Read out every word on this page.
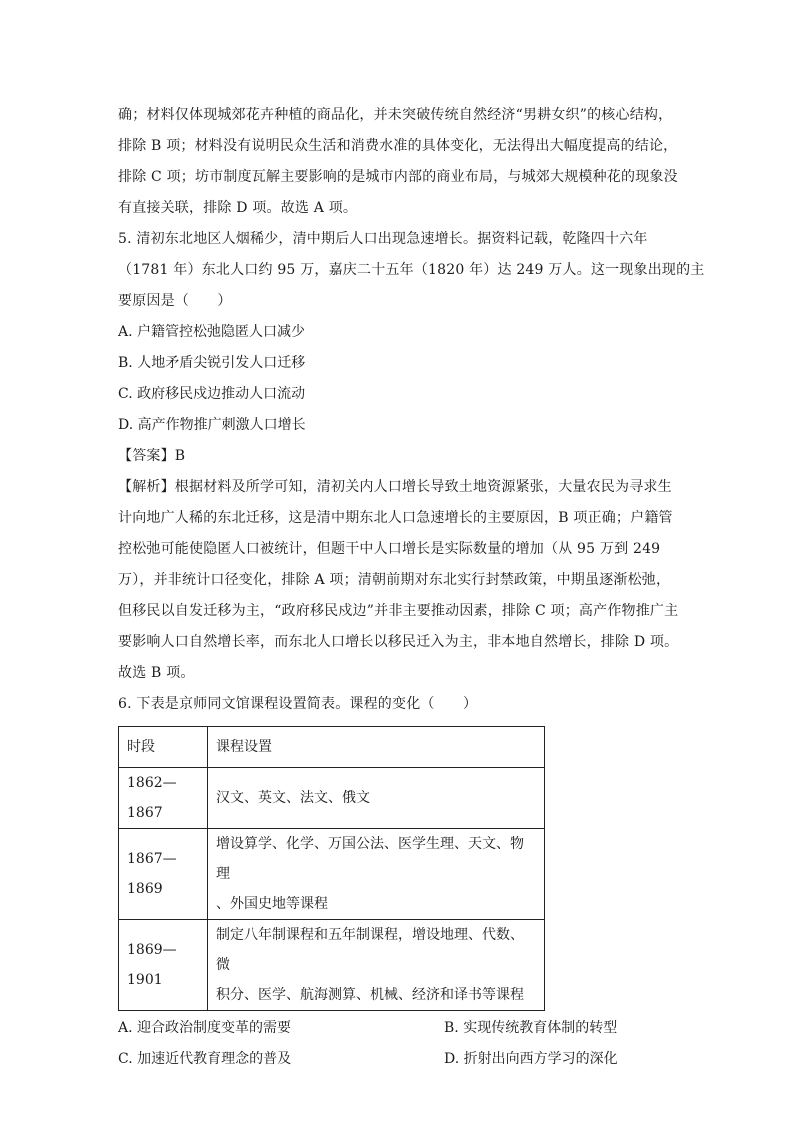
确；材料仅体现城郊花卉种植的商品化，并未突破传统自然经济“男耕女织”的核心结构，
排除 B 项；材料没有说明民众生活和消费水准的具体变化，无法得出大幅度提高的结论，
排除 C 项；坊市制度瓦解主要影响的是城市内部的商业布局，与城郊大规模种花的现象没
有直接关联，排除 D 项。故选 A 项。
5. 清初东北地区人烟稀少，清中期后人口出现急速增长。据资料记载，乾隆四十六年
（1781 年）东北人口约 95 万，嘉庆二十五年（1820 年）达 249 万人。这一现象出现的主
要原因是（　　）
A. 户籍管控松弛隐匿人口减少
B. 人地矛盾尖锐引发人口迁移
C. 政府移民戍边推动人口流动
D. 高产作物推广刺激人口增长
【答案】B
【解析】根据材料及所学可知，清初关内人口增长导致土地资源紧张，大量农民为寻求生
计向地广人稀的东北迁移，这是清中期东北人口急速增长的主要原因，B 项正确；户籍管
控松弛可能使隐匿人口被统计，但题干中人口增长是实际数量的增加（从 95 万到 249
万），并非统计口径变化，排除 A 项；清朝前期对东北实行封禁政策，中期虽逐渐松弛，
但移民以自发迁移为主，“政府移民戍边”并非主要推动因素，排除 C 项；高产作物推广主
要影响人口自然增长率，而东北人口增长以移民迁入为主，非本地自然增长，排除 D 项。
故选 B 项。
6. 下表是京师同文馆课程设置简表。课程的变化（　　）
时段	课程设置
1862—1867	汉文、英文、法文、俄文

1867—1869	增设算学、化学、万国公法、医学生理、天文、物理
、外国史地等课程

1869—1901	制定八年制课程和五年制课程，增设地理、代数、微
积分、医学、航海测算、机械、经济和译书等课程
A. 迎合政治制度变革的需要	B. 实现传统教育体制的转型
C. 加速近代教育理念的普及	D. 折射出向西方学习的深化
